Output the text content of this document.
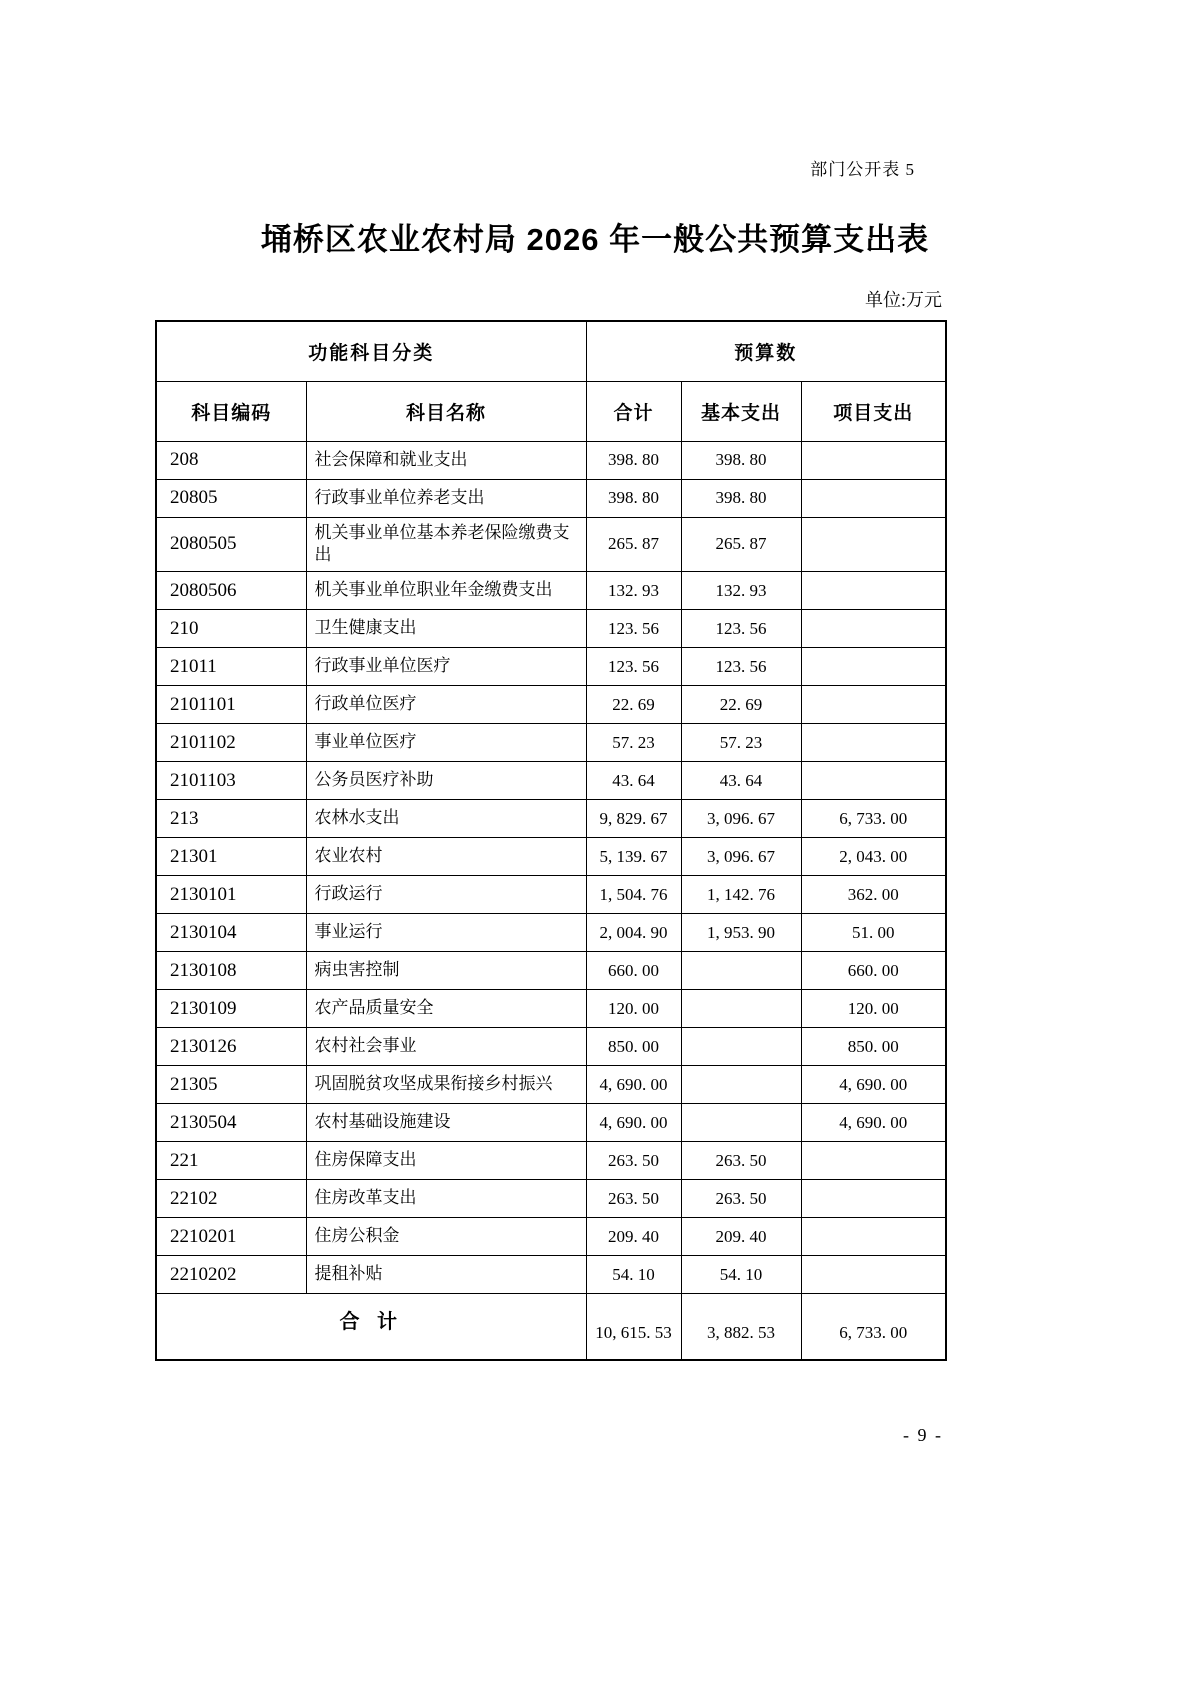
部门公开表 5
埇桥区农业农村局 2026 年一般公共预算支出表
单位:万元
功能科目分类		预算数		
科目编码	科目名称	合计	基本支出	项目支出
208	社会保障和就业支出	398. 80	398. 80	
20805	行政事业单位养老支出	398. 80	398. 80	
2080505	机关事业单位基本养老保险缴费支出	265. 87	265. 87	
2080506	机关事业单位职业年金缴费支出	132. 93	132. 93	
210	卫生健康支出	123. 56	123. 56	
21011	行政事业单位医疗	123. 56	123. 56	
2101101	行政单位医疗	22. 69	22. 69	
2101102	事业单位医疗	57. 23	57. 23	
2101103	公务员医疗补助	43. 64	43. 64	
213	农林水支出	9, 829. 67	3, 096. 67	6, 733. 00
21301	农业农村	5, 139. 67	3, 096. 67	2, 043. 00
2130101	行政运行	1, 504. 76	1, 142. 76	362. 00
2130104	事业运行	2, 004. 90	1, 953. 90	51. 00
2130108	病虫害控制	660. 00		660. 00
2130109	农产品质量安全	120. 00		120. 00
2130126	农村社会事业	850. 00		850. 00
21305	巩固脱贫攻坚成果衔接乡村振兴	4, 690. 00		4, 690. 00
2130504	农村基础设施建设	4, 690. 00		4, 690. 00
221	住房保障支出	263. 50	263. 50	
22102	住房改革支出	263. 50	263. 50	
2210201	住房公积金	209. 40	209. 40	
2210202	提租补贴	54. 10	54. 10	
合 计		10, 615. 53	3, 882. 53	6, 733. 00
- 9 -
